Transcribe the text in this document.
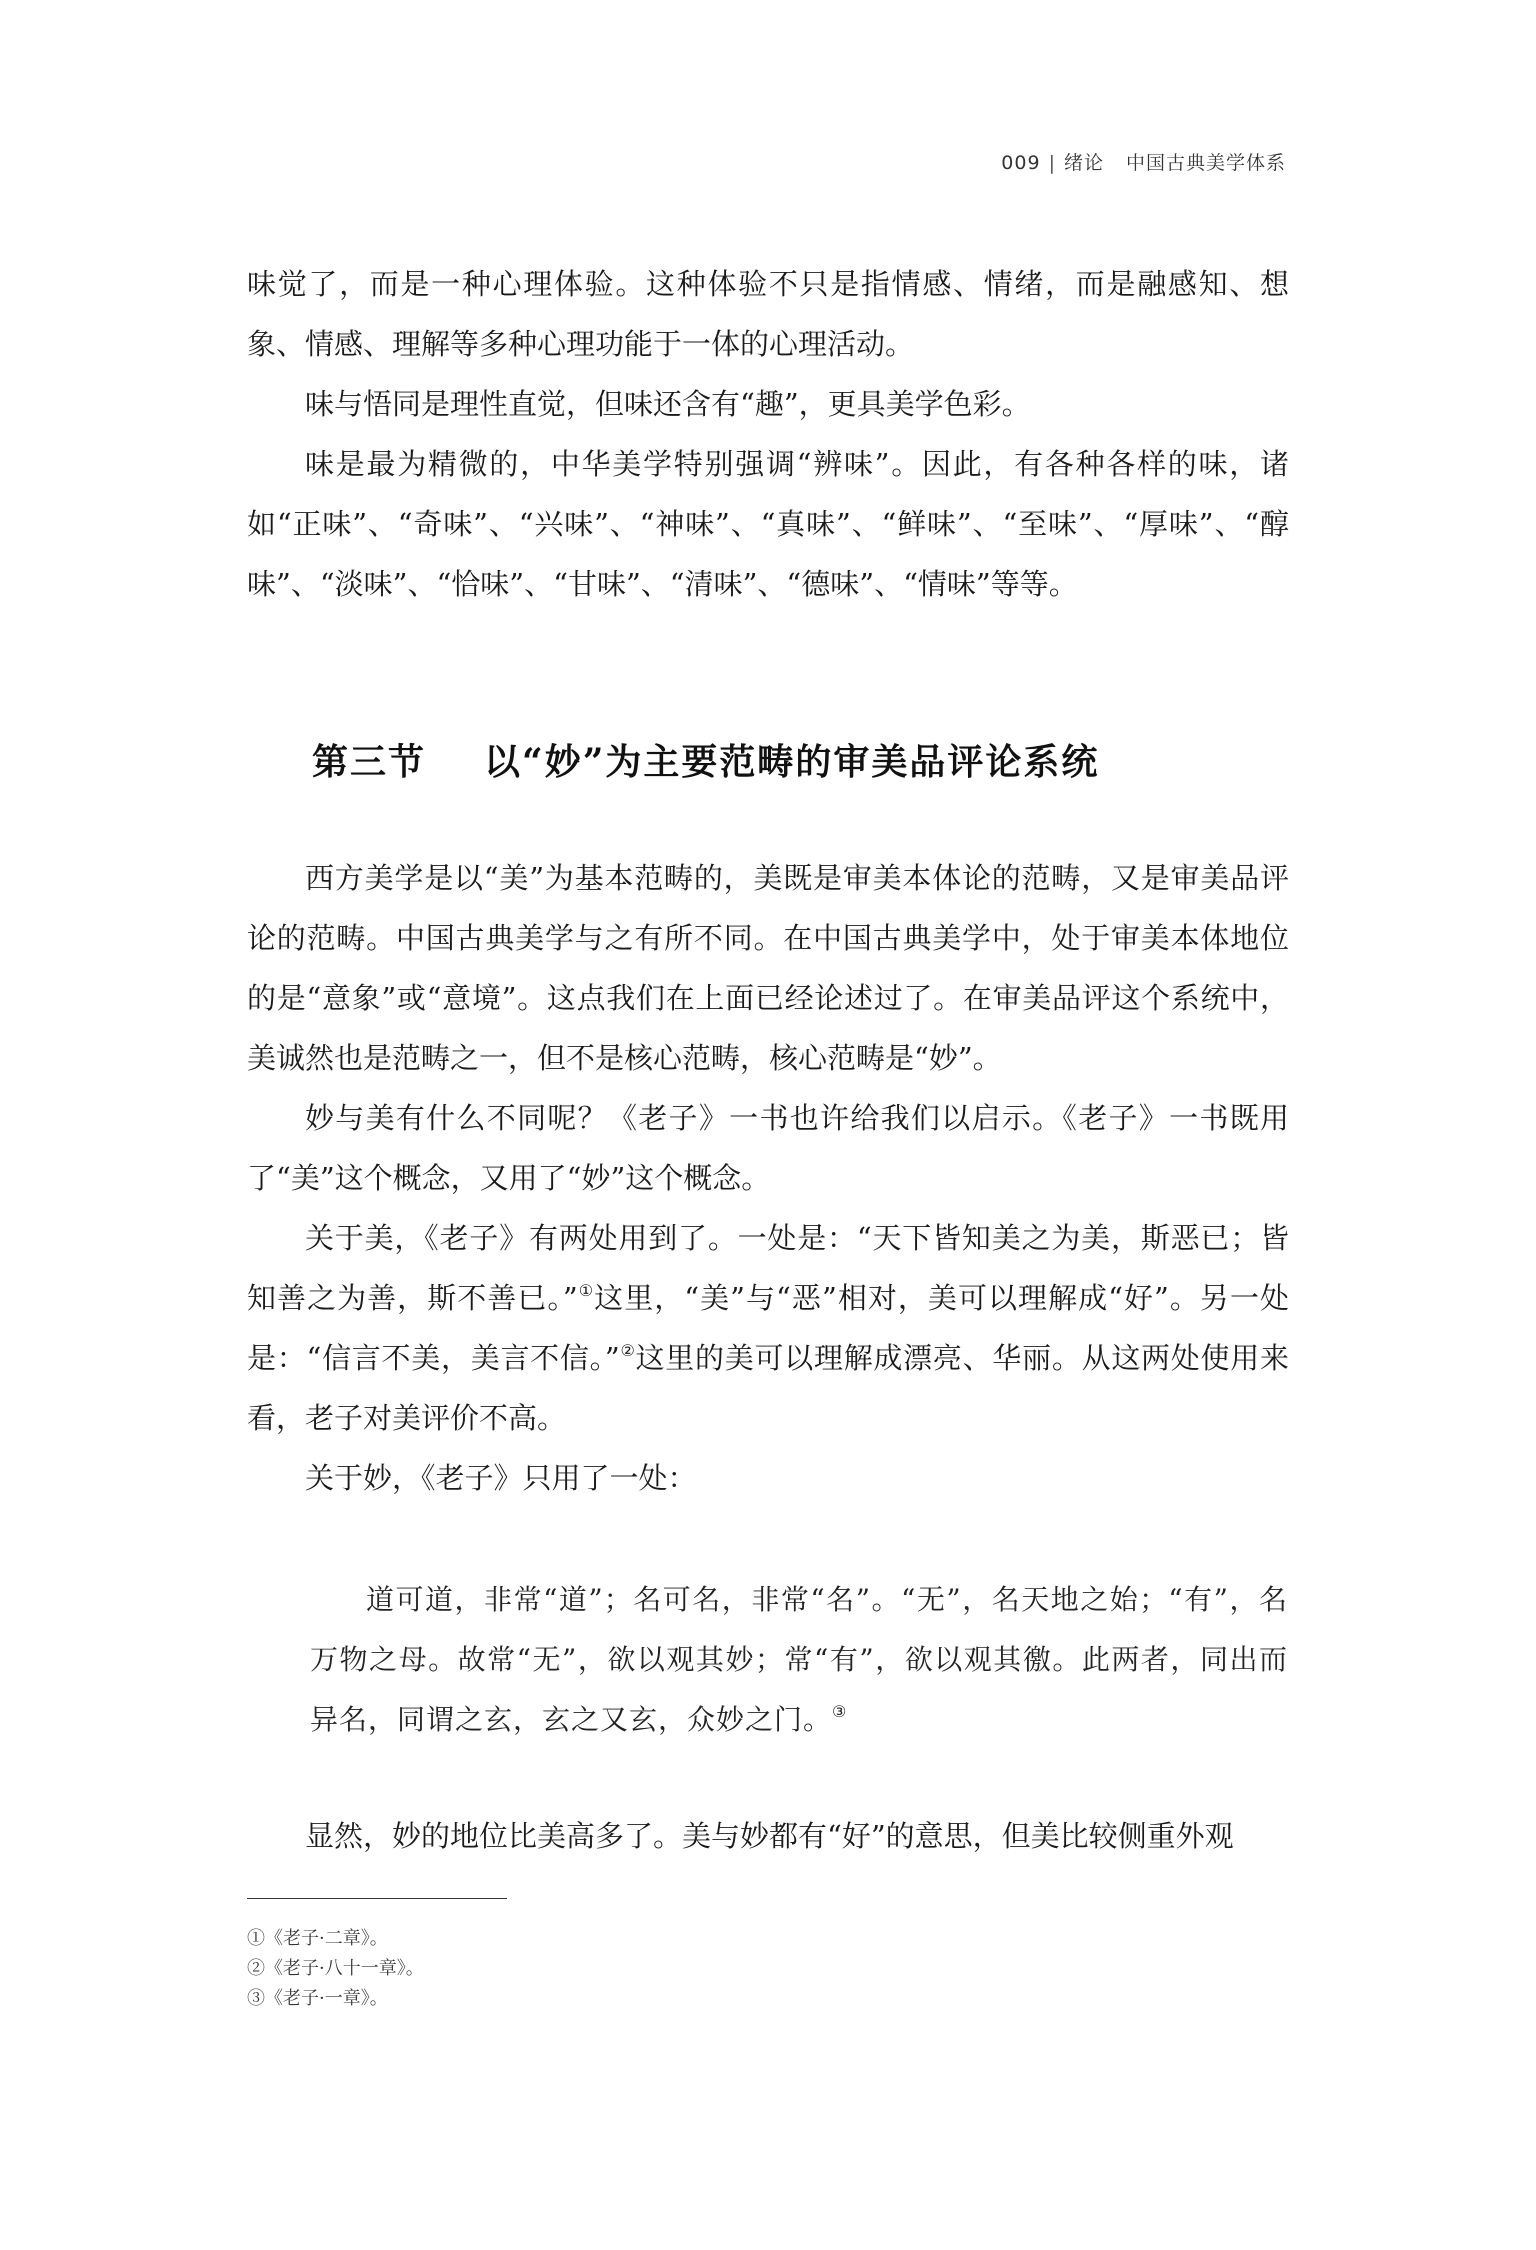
009 | 绪论 中国古典美学体系

味觉了，而是一种心理体验。这种体验不只是指情感、情绪，而是融感知、想象、情感、理解等多种心理功能于一体的心理活动。

味与悟同是理性直觉，但味还含有“趣”，更具美学色彩。

味是最为精微的，中华美学特别强调“辨味”。因此，有各种各样的味，诸如“正味”、“奇味”、“兴味”、“神味”、“真味”、“鲜味”、“至味”、“厚味”、“醇味”、“淡味”、“恰味”、“甘味”、“清味”、“德味”、“情味”等等。

第三节 以“妙”为主要范畴的审美品评论系统

西方美学是以“美”为基本范畴的，美既是审美本体论的范畴，又是审美品评论的范畴。中国古典美学与之有所不同。在中国古典美学中，处于审美本体地位的是“意象”或“意境”。这点我们在上面已经论述过了。在审美品评这个系统中，美诚然也是范畴之一，但不是核心范畴，核心范畴是“妙”。

妙与美有什么不同呢？《老子》一书也许给我们以启示。《老子》一书既用了“美”这个概念，又用了“妙”这个概念。

关于美，《老子》有两处用到了。一处是：“天下皆知美之为美，斯恶已；皆知善之为善，斯不善已。”①这里，“美”与“恶”相对，美可以理解成“好”。另一处是：“信言不美，美言不信。”②这里的美可以理解成漂亮、华丽。从这两处使用来看，老子对美评价不高。

关于妙，《老子》只用了一处：

道可道，非常“道”；名可名，非常“名”。“无”，名天地之始；“有”，名万物之母。故常“无”，欲以观其妙；常“有”，欲以观其徼。此两者，同出而异名，同谓之玄，玄之又玄，众妙之门。③

显然，妙的地位比美高多了。美与妙都有“好”的意思，但美比较侧重外观

①《老子·二章》。
②《老子·八十一章》。
③《老子·一章》。
